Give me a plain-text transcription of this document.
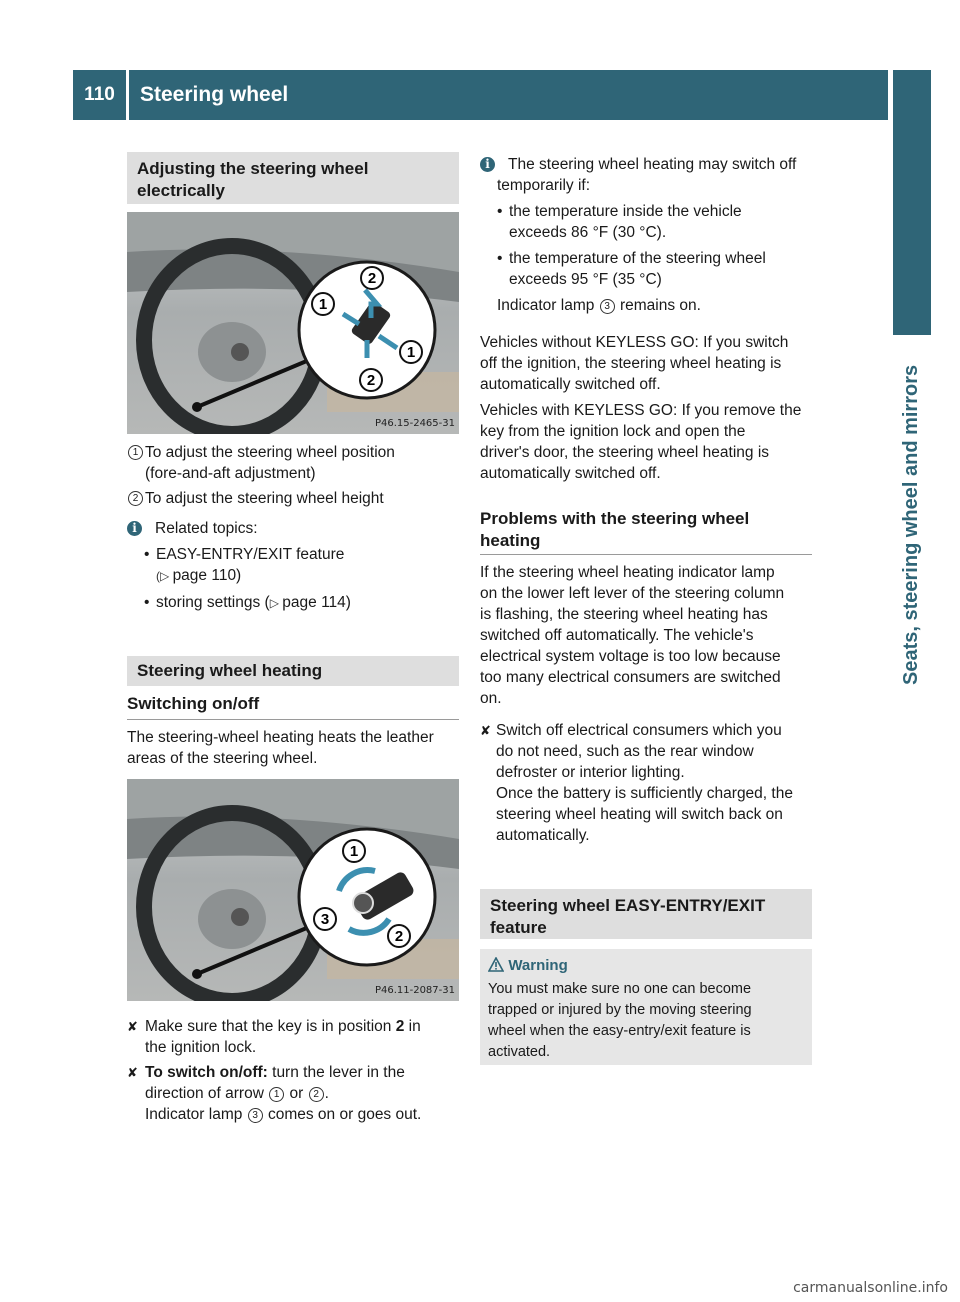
110	Steering wheel
Seats, steering wheel and mirrors
Adjusting the steering wheel
electrically
2
1
1
2
P46.15-2465-31
1 To adjust the steering wheel position
(fore-and-aft adjustment)
2 To adjust the steering wheel height
i	Related topics:
• EASY-ENTRY/EXIT feature
(▷ page 110)
• storing settings (▷ page 114)
Steering wheel heating
Switching on/off
The steering-wheel heating heats the leather
areas of the steering wheel.
1
3
2
P46.11-2087-31
✘ Make sure that the key is in position 2 in
the ignition lock.
✘ To switch on/off: turn the lever in the
direction of arrow 1 or 2 .
Indicator lamp 3 comes on or goes out.
i	The steering wheel heating may switch off
temporarily if:
• the temperature inside the vehicle
exceeds 86 °F (30 °C).
• the temperature of the steering wheel
exceeds 95 °F (35 °C)
Indicator lamp 3 remains on.
Vehicles without KEYLESS GO: If you switch
off the ignition, the steering wheel heating is
automatically switched off.
Vehicles with KEYLESS GO: If you remove the
key from the ignition lock and open the
driver's door, the steering wheel heating is
automatically switched off.
Problems with the steering wheel
heating
If the steering wheel heating indicator lamp
on the lower left lever of the steering column
is flashing, the steering wheel heating has
switched off automatically. The vehicle's
electrical system voltage is too low because
too many electrical consumers are switched
on.
✘ Switch off electrical consumers which you
do not need, such as the rear window
defroster or interior lighting.
Once the battery is sufficiently charged, the
steering wheel heating will switch back on
automatically.
Steering wheel EASY-ENTRY/EXIT
feature
Warning
You must make sure no one can become
trapped or injured by the moving steering
wheel when the easy-entry/exit feature is
activated.
carmanualsonline.info
